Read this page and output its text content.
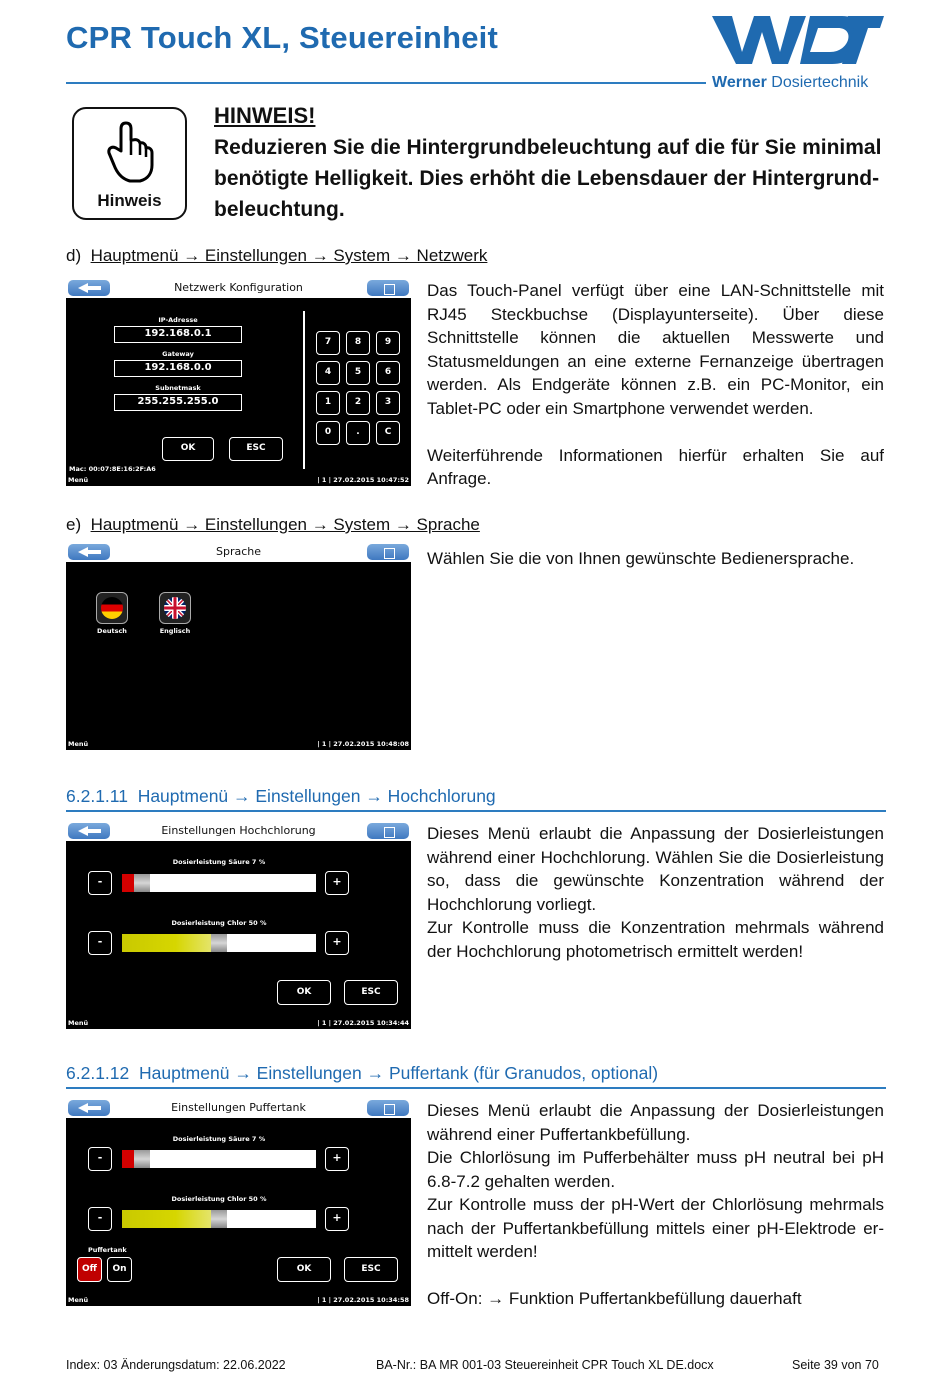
CPR Touch XL, Steuereinheit
WDT
Werner Dosiertechnik
Hinweis
HINWEIS!
Reduzieren Sie die Hintergrundbeleuchtung auf die für Sie minimal benötigte Helligkeit. Dies erhöht die Lebensdauer der Hintergrund-beleuchtung.
d) Hauptmenü → Einstellungen → System → Netzwerk
Netzwerk Konfiguration
IP-Adresse
192.168.0.1
Gateway
192.168.0.0
Subnetmask
255.255.255.0
OK	ESC
7	8	9
4	5	6
1	2	3
0	.	C
Mac: 00:07:8E:16:2F:A6
Menü	| 1 | 27.02.2015 10:47:52

Das Touch-Panel verfügt über eine LAN-Schnittstelle mit RJ45 Steckbuchse (Displayunterseite). Über diese Schnittstelle können die aktuellen Messwerte und Statusmeldungen an eine externe Fernanzeige übertragen werden. Als Endgeräte können z.B. ein PC-Monitor, ein Tablet-PC oder ein Smartphone verwendet werden.

Weiterführende Informationen hierfür erhalten Sie auf Anfrage.

e) Hauptmenü → Einstellungen → System → Sprache
Sprache
Deutsch	Englisch
Menü	| 1 | 27.02.2015 10:48:08
Wählen Sie die von Ihnen gewünschte Bedienersprache.
6.2.1.11 Hauptmenü → Einstellungen → Hochchlorung
Einstellungen Hochchlorung
Dosierleistung Säure 7 %
-	+
Dosierleistung Chlor 50 %
-	+
OK	ESC
Menü	| 1 | 27.02.2015 10:34:44

Dieses Menü erlaubt die Anpassung der Dosierleistungen während einer Hochchlorung. Wählen Sie die Dosierleistung so, dass die gewünschte Konzentration während der Hochchlorung vorliegt.

Zur Kontrolle muss die Konzentration mehrmals während der Hochchlorung photometrisch ermittelt werden!

6.2.1.12 Hauptmenü → Einstellungen → Puffertank (für Granudos, optional)
Einstellungen Puffertank
Dosierleistung Säure 7 %
-	+
Dosierleistung Chlor 50 %
-	+
Puffertank
Off	On	OK	ESC
Menü	| 1 | 27.02.2015 10:34:58

Dieses Menü erlaubt die Anpassung der Dosierleistungen während einer Puffertankbefüllung.

Die Chlorlösung im Pufferbehälter muss pH neutral bei pH 6.8-7.2 gehalten werden.

Zur Kontrolle muss der pH-Wert der Chlorlösung mehrmals nach der Puffertankbefüllung mittels einer pH-Elektrode er-mittelt werden!

Off-On: → Funktion Puffertankbefüllung dauerhaft

Index: 03 Änderungsdatum: 22.06.2022	BA-Nr.: BA MR 001-03 Steuereinheit CPR Touch XL DE.docx	Seite 39 von 70
